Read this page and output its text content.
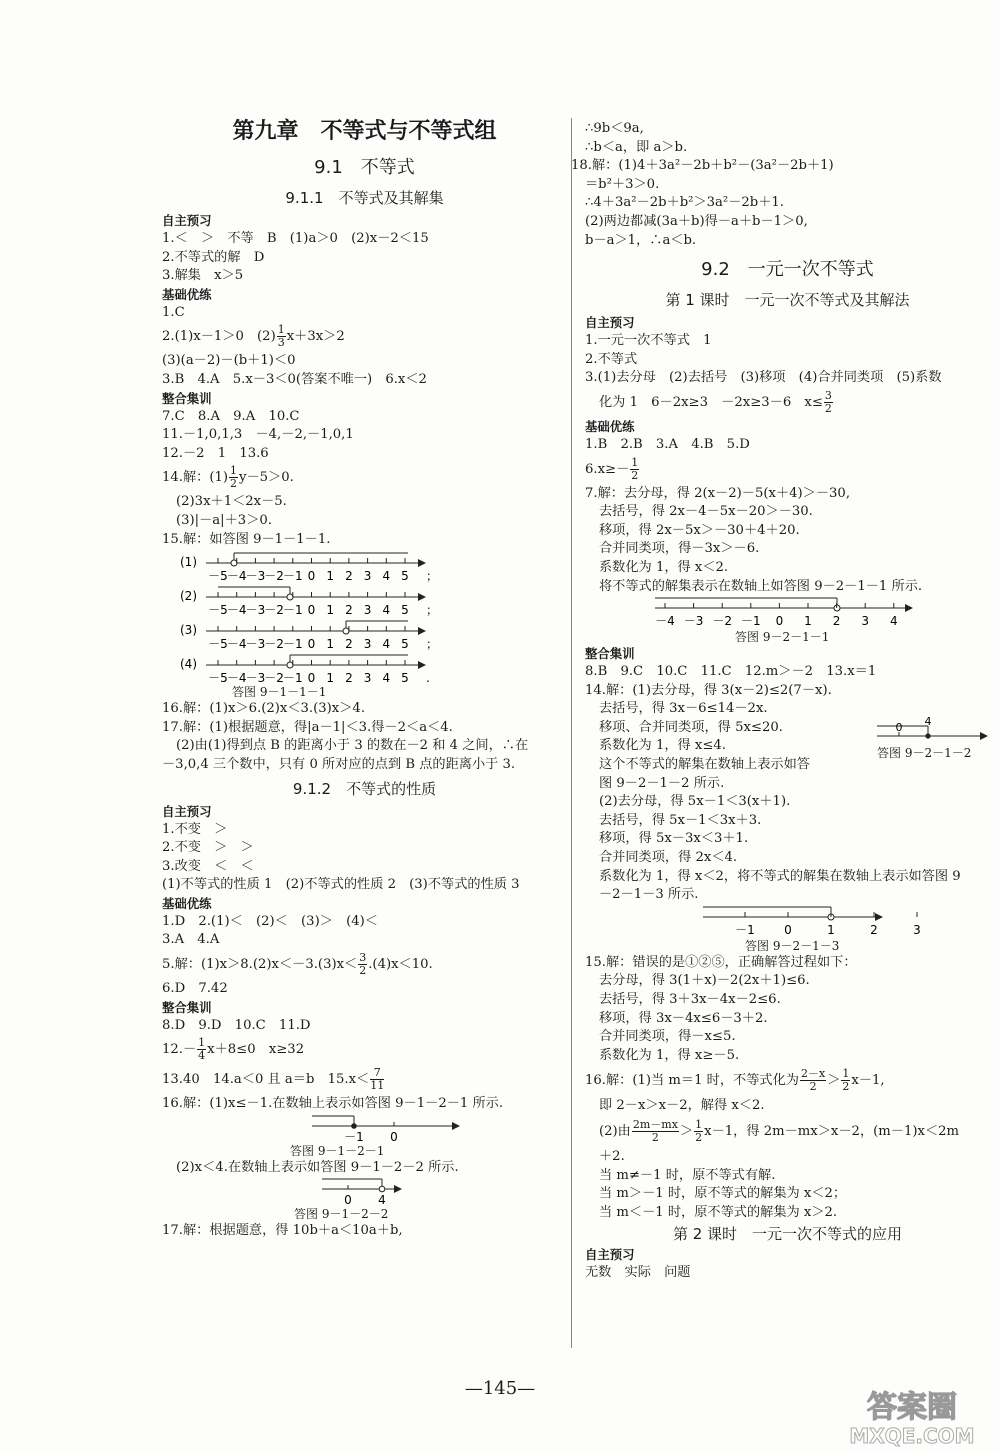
第九章　不等式与不等式组
9.1　不等式
9.1.1　不等式及其解集
自主预习
1.＜　＞　不等　B　(1)a＞0　(2)x－2＜15
2.不等式的解　D
3.解集　x＞5
基础优练
1.C
2.(1)x－1＞0　$(2) \frac{1}{3} x+3x>2$
(3)(a－2)－(b＋1)＜0
3.B　4.A　5.x－3＜0(答案不唯一)　6.x＜2
整合集训
7.C　8.A　9.A　10.C
11.－1,0,1,3　－4,－2,－1,0,1
12.－2　1　13.6
14.解：$(1) \frac{1}{2} y-5>0$.
(2)3x＋1＜2x－5.
(3)|－a|＋3＞0.
15.解：如答图 9－1－1－1.
(1)
－5 －4 －3 －2 －1 0 1 2 3 4 5 ；
(2)
－5 －4 －3 －2 －1 0 1 2 3 4 5 ；
(3)
－5 －4 －3 －2 －1 0 1 2 3 4 5 ；
(4)
－5 －4 －3 －2 －1 0 1 2 3 4 5 .
答图 9－1－1－1
16.解：(1)x＞6.(2)x＜3.(3)x＞4.
17.解：(1)根据题意，得|a－1|＜3.得－2＜a＜4.
(2)由(1)得到点 B 的距离小于 3 的数在－2 和 4 之间，∴在
－3,0,4 三个数中，只有 0 所对应的点到 B 点的距离小于 3.
9.1.2　不等式的性质
自主预习
1.不变　＞
2.不变　＞　＞
3.改变　＜　＜
(1)不等式的性质 1　(2)不等式的性质 2　(3)不等式的性质 3
基础优练
1.D　2.(1)＜　(2)＜　(3)＞　(4)＜
3.A　4.A
5.解：$(1)x>8.(2)x<-3.(3)x< \frac{3}{2} .(4)x<10$.
6.D　7.42
整合集训
8.D　9.D　10.C　11.D
$12.- \frac{1}{4} x+8\le 0$　x≥32
13.40　14.a＜0 且 a＝b　$15.x< \frac{7}{11}$
16.解：(1)x≤－1.在数轴上表示如答图 9－1－2－1 所示.
－1 0
答图 9－1－2－1
(2)x＜4.在数轴上表示如答图 9－1－2－2 所示.
0 4
答图 9－1－2－2
17.解：根据题意，得 10b＋a＜10a＋b,
∴9b＜9a,
∴b＜a，即 a＞b.
18.解：(1)4＋3a²－2b＋b²－(3a²－2b＋1)
＝b²＋3＞0.
∴4＋3a²－2b＋b²＞3a²－2b＋1.
(2)两边都减(3a＋b)得－a＋b－1＞0,
b－a＞1，∴a＜b.
9.2　一元一次不等式
第 1 课时　一元一次不等式及其解法
自主预习
1.一元一次不等式　1
2.不等式
3.(1)去分母　(2)去括号　(3)移项　(4)合并同类项　(5)系数
化为 1　6－2x≥3　－2x≥3－6　$x\le \frac{3}{2}$
基础优练
1.B　2.B　3.A　4.B　5.D
$6.x\ge- \frac{1}{2}$
7.解：去分母，得 2(x－2)－5(x＋4)＞－30,
去括号，得 2x－4－5x－20＞－30.
移项，得 2x－5x＞－30＋4＋20.
合并同类项，得－3x＞－6.
系数化为 1，得 x＜2.
将不等式的解集表示在数轴上如答图 9－2－1－1 所示.
－4 －3 －2 －1 0 1 2 3 4
答图 9－2－1－1
整合集训
8.B　9.C　10.C　11.C　12.m＞－2　13.x＝1
14.解：(1)去分母，得 3(x－2)≤2(7－x).
去括号，得 3x－6≤14－2x.
移项、合并同类项，得 5x≤20.
系数化为 1，得 x≤4.
这个不等式的解集在数轴上表示如答
图 9－2－1－2 所示.
0 4
答图 9－2－1－2
(2)去分母，得 5x－1＜3(x＋1).
去括号，得 5x－1＜3x＋3.
移项，得 5x－3x＜3＋1.
合并同类项，得 2x＜4.
系数化为 1，得 x＜2，将不等式的解集在数轴上表示如答图 9
－2－1－3 所示.
－1 0	1	2	3
答图 9－2－1－3
15.解：错误的是①②⑤，正确解答过程如下：
去分母，得 3(1＋x)－2(2x＋1)≤6.
去括号，得 3＋3x－4x－2≤6.
移项，得 3x－4x≤6－3＋2.
合并同类项，得－x≤5.
系数化为 1，得 x≥－5.
16.解：(1)当 m＝1 时，不等式化为 $\frac{2-x}{2} > \frac{1}{2} x-1$,
即 2－x＞x－2，解得 x＜2.
(2)由 $\frac{2m-mx}{2} > \frac{1}{2} x-1$，得 2m－mx＞x－2，(m－1)x＜2m
＋2.
当 m≠－1 时，原不等式有解.
当 m＞－1 时，原不等式的解集为 x＜2；
当 m＜－1 时，原不等式的解集为 x＞2.
第 2 课时　一元一次不等式的应用
自主预习
无数　实际　问题
—145—
答案圈
MXQE.COM
